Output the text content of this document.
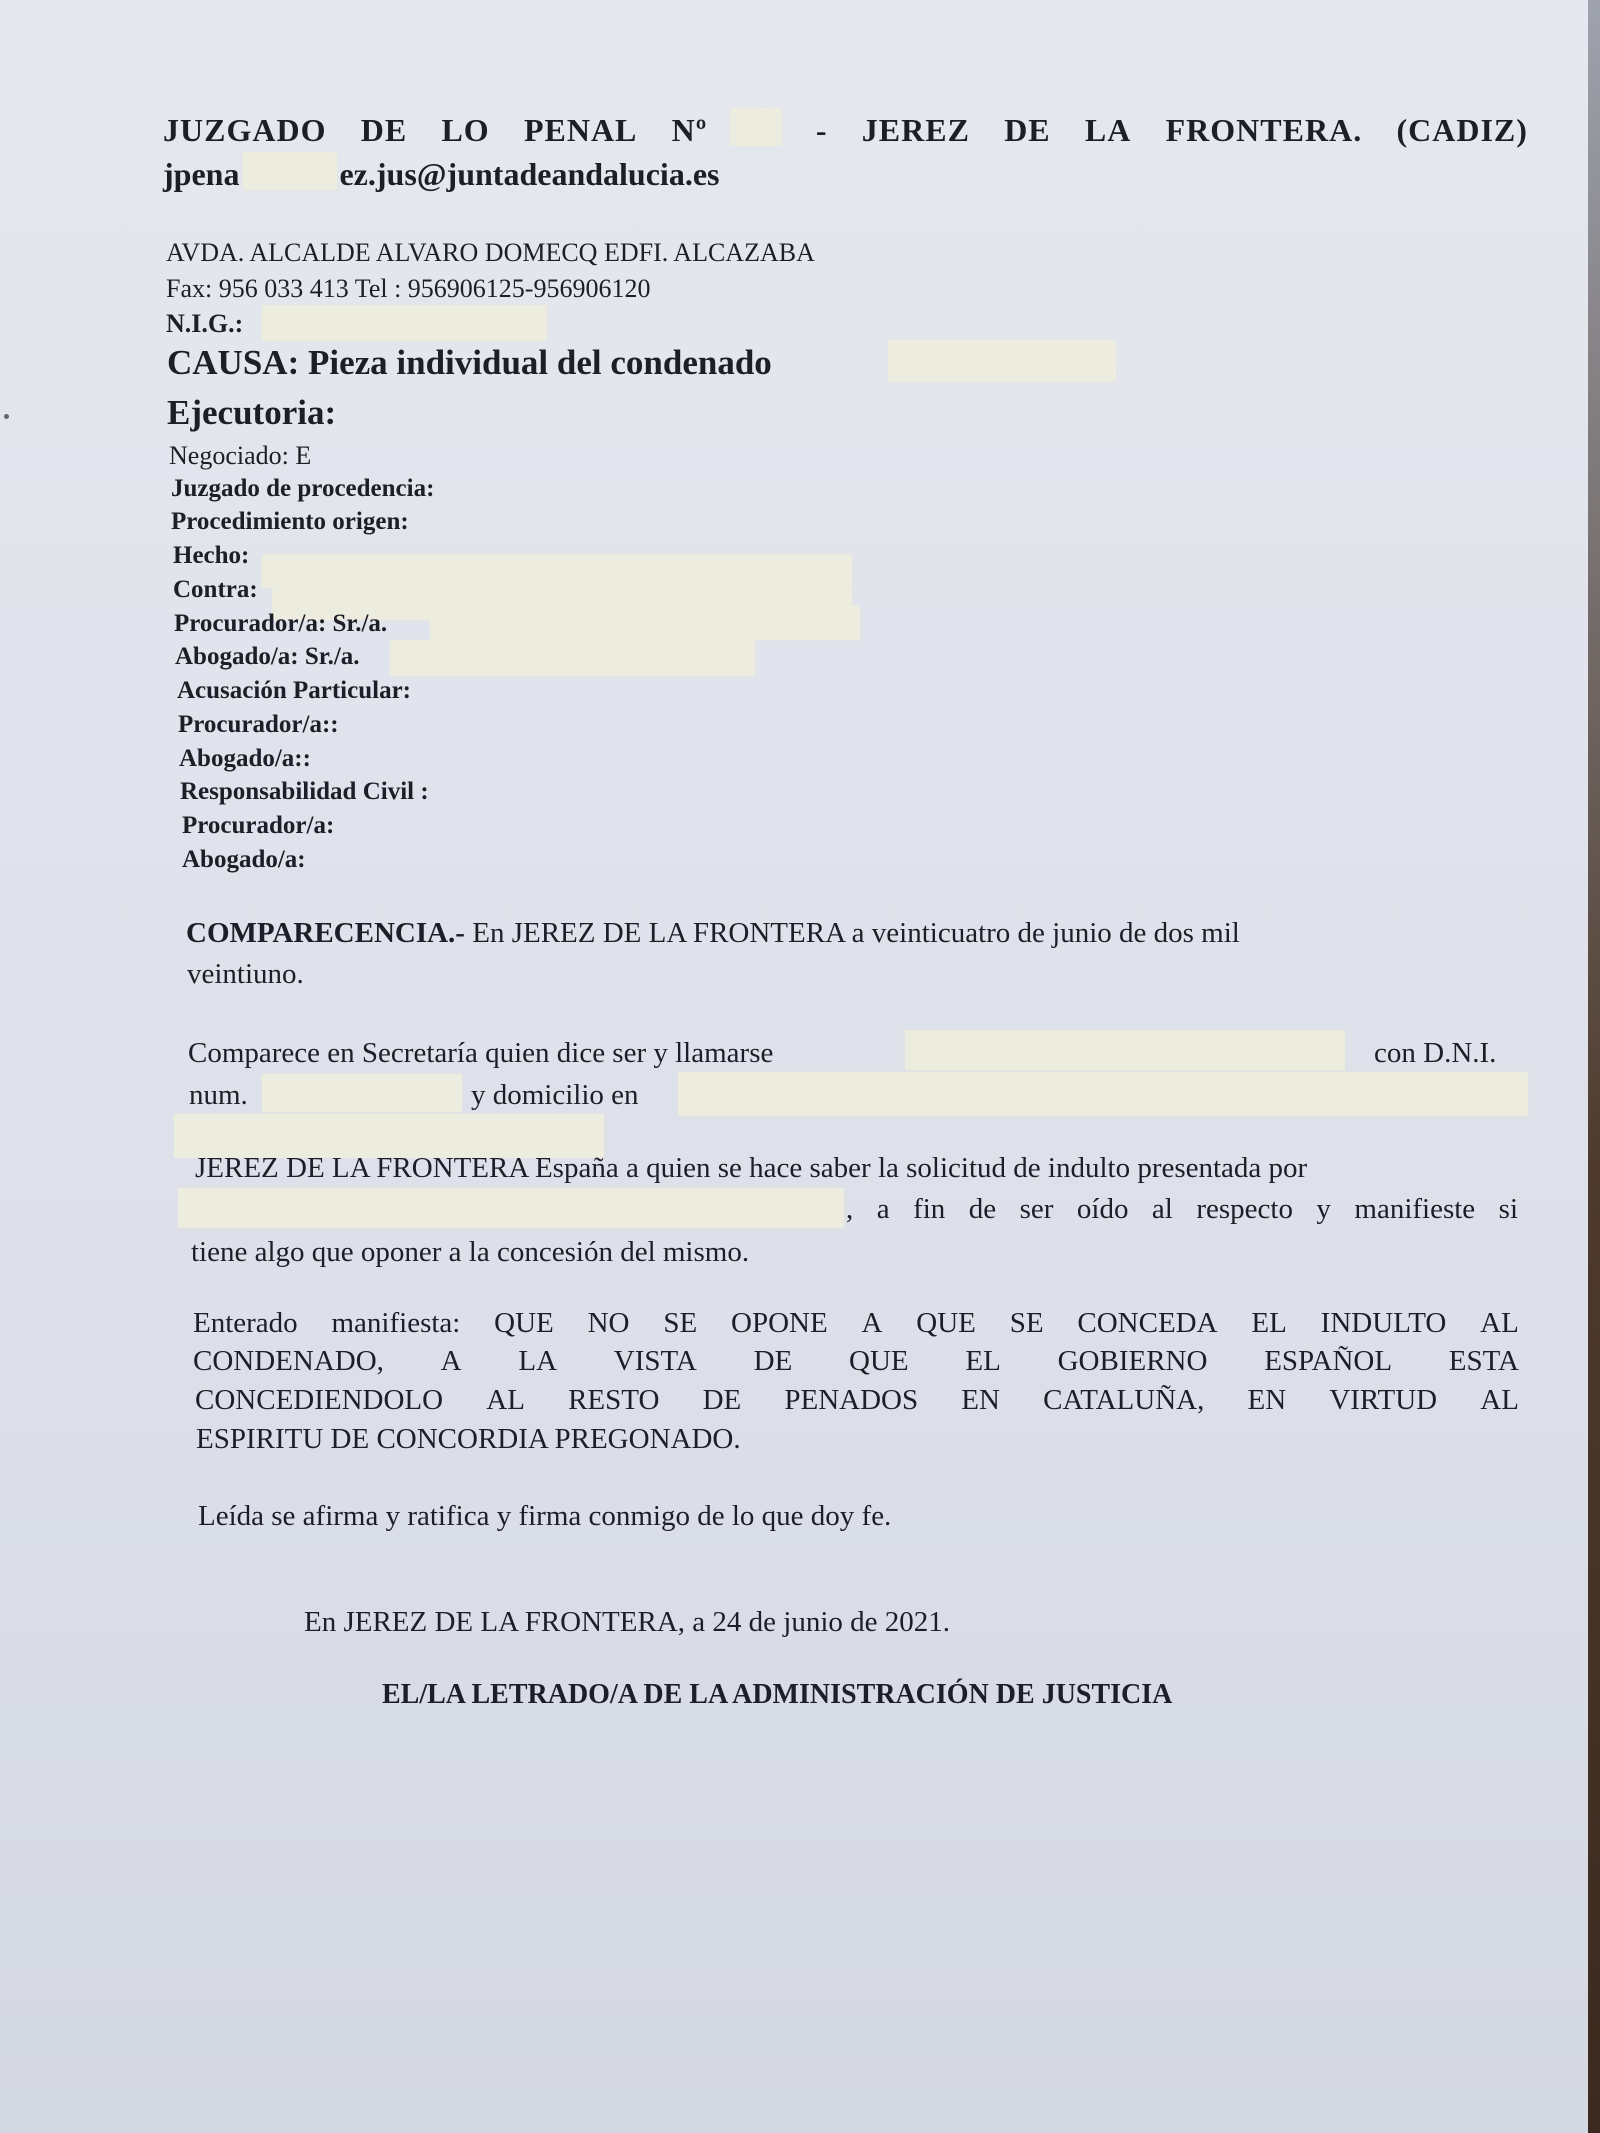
JUZGADO DE LO PENAL Nº	- JEREZ DE LA FRONTERA. (CADIZ)
jpena	ez.jus@juntadeandalucia.es
AVDA. ALCALDE ALVARO DOMECQ EDFI. ALCAZABA
Fax: 956 033 413 Tel : 956906125-956906120
N.I.G.:
CAUSA: Pieza individual del condenado
Ejecutoria:
Negociado: E
Juzgado de procedencia:
Procedimiento origen:
Hecho:
Contra:
Procurador/a: Sr./a.
Abogado/a: Sr./a.
Acusación Particular:
Procurador/a::
Abogado/a::
Responsabilidad Civil :
Procurador/a:
Abogado/a:
COMPARECENCIA.- En JEREZ DE LA FRONTERA a veinticuatro de junio de dos mil
veintiuno.
Comparece en Secretaría quien dice ser y llamarse	con D.N.I.
num.	y domicilio en
JEREZ DE LA FRONTERA España a quien se hace saber la solicitud de indulto presentada por
, a fin de ser oído al respecto y manifieste si
tiene algo que oponer a la concesión del mismo.
Enterado manifiesta: QUE NO SE OPONE A QUE SE CONCEDA EL INDULTO AL
CONDENADO, A LA VISTA DE QUE EL GOBIERNO ESPAÑOL ESTA
CONCEDIENDOLO AL RESTO DE PENADOS EN CATALUÑA, EN VIRTUD AL
ESPIRITU DE CONCORDIA PREGONADO.
Leída se afirma y ratifica y firma conmigo de lo que doy fe.
En JEREZ DE LA FRONTERA, a 24 de junio de 2021.
EL/LA LETRADO/A DE LA ADMINISTRACIÓN DE JUSTICIA
